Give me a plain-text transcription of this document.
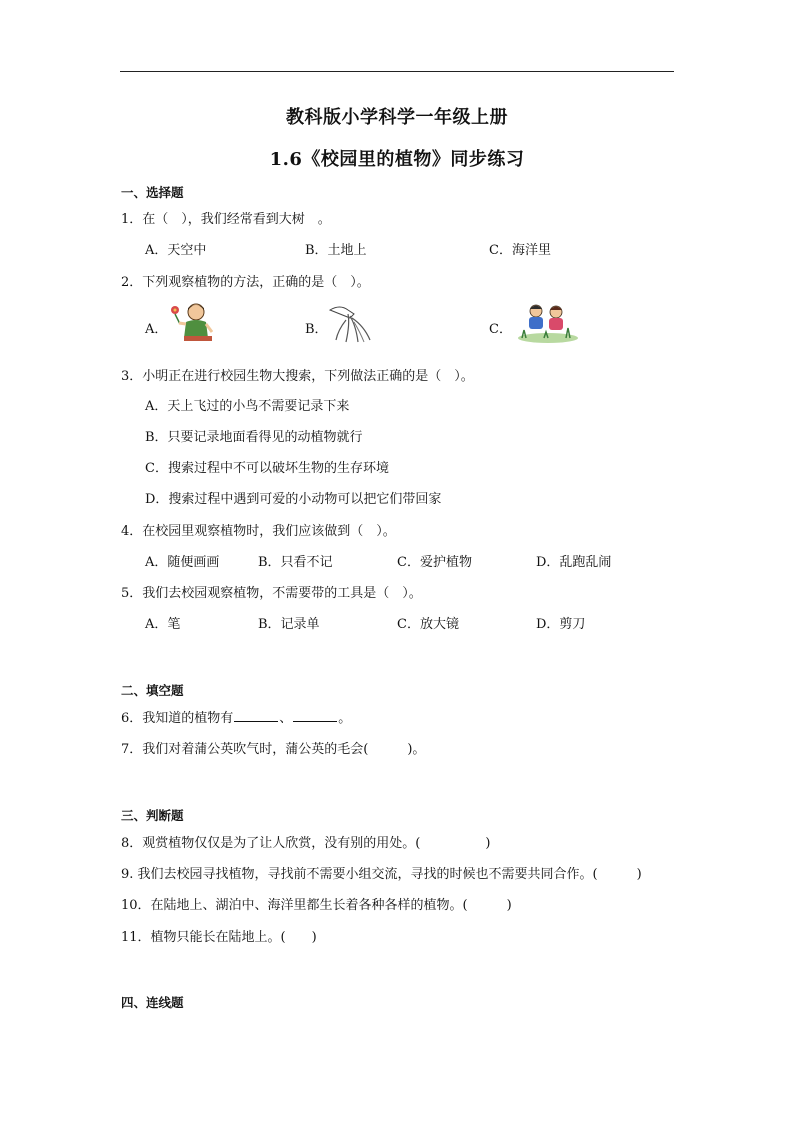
教科版小学科学一年级上册
1.6《校园里的植物》同步练习
一、选择题
1．在（　），我们经常看到大树　。
A．天空中	B．土地上	C．海洋里
2．下列观察植物的方法，正确的是（　）。
A．	B．	C．
3．小明正在进行校园生物大搜索，下列做法正确的是（　）。
A．天上飞过的小鸟不需要记录下来
B．只要记录地面看得见的动植物就行
C．搜索过程中不可以破坏生物的生存环境
D．搜索过程中遇到可爱的小动物可以把它们带回家
4．在校园里观察植物时，我们应该做到（　）。
A．随便画画	B．只看不记	C．爱护植物	D．乱跑乱闹
5．我们去校园观察植物，不需要带的工具是（　）。
A．笔	B．记录单	C．放大镜	D．剪刀
二、填空题
6．我知道的植物有	、	。
7．我们对着蒲公英吹气时，蒲公英的毛会(　　　)。
三、判断题
8．观赏植物仅仅是为了让人欣赏，没有别的用处。(　　　　　)
9. 我们去校园寻找植物，寻找前不需要小组交流，寻找的时候也不需要共同合作。(　　　)
10．在陆地上、湖泊中、海洋里都生长着各种各样的植物。(　　　)
11．植物只能长在陆地上。(　　)
四、连线题
